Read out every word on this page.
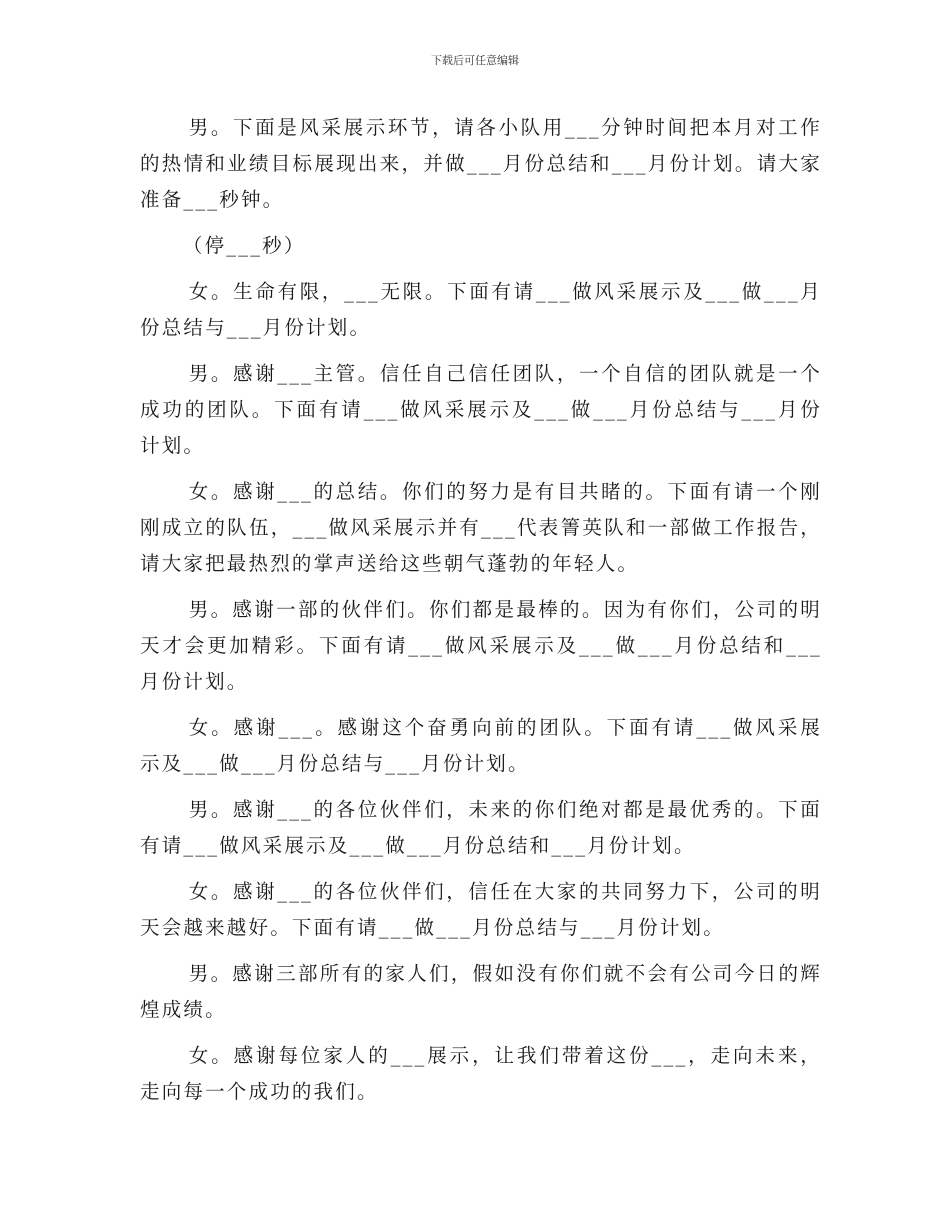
下载后可任意编辑

男。下面是风采展示环节，请各小队用___分钟时间把本月对工作的热情和业绩目标展现出来，并做___月份总结和___月份计划。请大家准备___秒钟。

（停___秒）

女。生命有限，___无限。下面有请___做风采展示及___做___月份总结与___月份计划。

男。感谢___主管。信任自己信任团队，一个自信的团队就是一个成功的团队。下面有请___做风采展示及___做___月份总结与___月份计划。

女。感谢___的总结。你们的努力是有目共睹的。下面有请一个刚刚成立的队伍，___做风采展示并有___代表箐英队和一部做工作报告，请大家把最热烈的掌声送给这些朝气蓬勃的年轻人。

男。感谢一部的伙伴们。你们都是最棒的。因为有你们，公司的明天才会更加精彩。下面有请___做风采展示及___做___月份总结和___月份计划。

女。感谢___。感谢这个奋勇向前的团队。下面有请___做风采展示及___做___月份总结与___月份计划。

男。感谢___的各位伙伴们，未来的你们绝对都是最优秀的。下面有请___做风采展示及___做___月份总结和___月份计划。

女。感谢___的各位伙伴们，信任在大家的共同努力下，公司的明天会越来越好。下面有请___做___月份总结与___月份计划。

男。感谢三部所有的家人们，假如没有你们就不会有公司今日的辉煌成绩。

女。感谢每位家人的___展示，让我们带着这份___，走向未来，走向每一个成功的我们。
